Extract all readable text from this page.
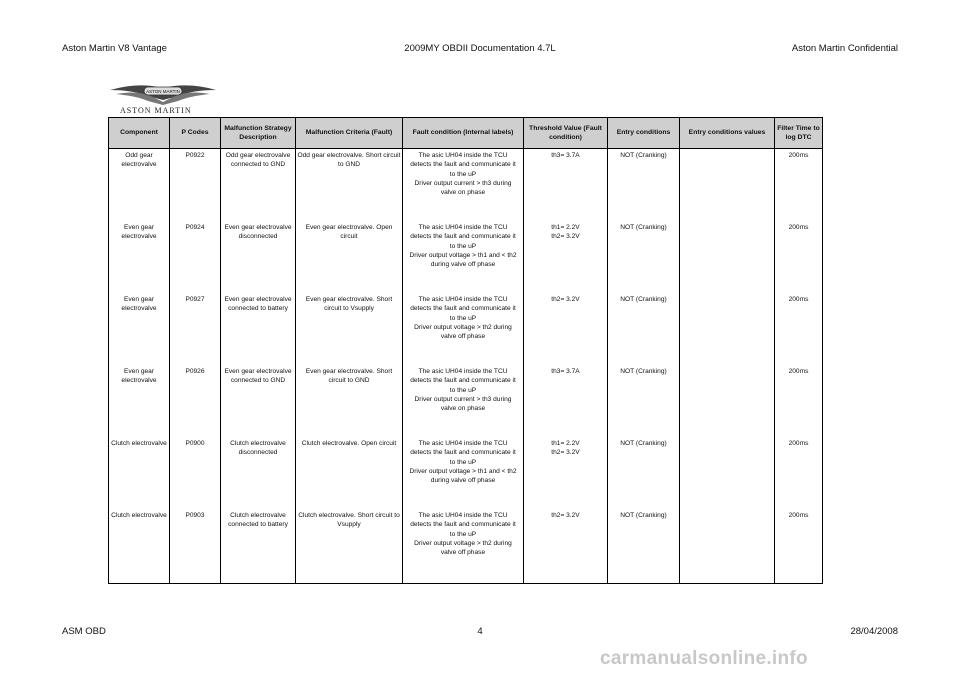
Aston Martin V8 Vantage	2009MY OBDII Documentation 4.7L	Aston Martin Confidential
ASTON MARTIN
ASTON MARTIN
Component	P Codes	Malfunction Strategy Description	Malfunction Criteria (Fault)	Fault condition (Internal labels)	Threshold Value (Fault condition)	Entry conditions	Entry conditions values	Filter Time to log DTC
Odd gear electrovalve	P0922	Odd gear electrovalve connected to GND	Odd gear electrovalve. Short circuit to GND	The asic UH04 inside the TCU
detects the fault and communicate it
to the uP
Driver output current > th3 during
valve on phase	th3= 3.7A	NOT (Cranking)		200ms
Even gear electrovalve	P0924	Even gear electrovalve disconnected	Even gear electrovalve. Open circuit	The asic UH04 inside the TCU
detects the fault and communicate it
to the uP
Driver output voltage > th1 and < th2
during valve off phase	th1= 2.2V
th2= 3.2V	NOT (Cranking)		200ms
Even gear electrovalve	P0927	Even gear electrovalve connected to battery	Even gear electrovalve. Short circuit to Vsupply	The asic UH04 inside the TCU
detects the fault and communicate it
to the uP
Driver output voltage > th2 during
valve off phase	th2= 3.2V	NOT (Cranking)		200ms
Even gear electrovalve	P0926	Even gear electrovalve connected to GND	Even gear electrovalve. Short circuit to GND	The asic UH04 inside the TCU
detects the fault and communicate it
to the uP
Driver output current > th3 during
valve on phase	th3= 3.7A	NOT (Cranking)		200ms
Clutch electrovalve	P0900	Clutch electrovalve disconnected	Clutch electrovalve. Open circuit	The asic UH04 inside the TCU
detects the fault and communicate it
to the uP
Driver output voltage > th1 and < th2
during valve off phase	th1= 2.2V
th2= 3.2V	NOT (Cranking)		200ms
Clutch electrovalve	P0903	Clutch electrovalve connected to battery	Clutch electrovalve. Short circuit to Vsupply	The asic UH04 inside the TCU
detects the fault and communicate it
to the uP
Driver output voltage > th2 during
valve off phase	th2= 3.2V	NOT (Cranking)		200ms
ASM OBD	4	28/04/2008
carmanualsonline.info
